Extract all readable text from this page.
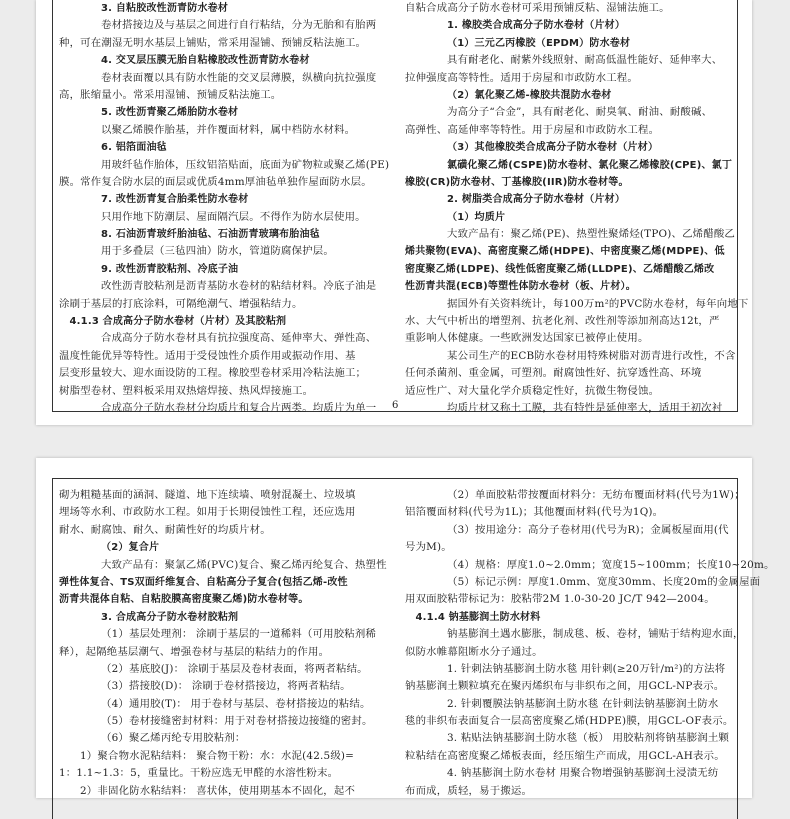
3. 自粘胶改性沥青防水卷材
卷材搭接边及与基层之间进行自行粘结，分为无胎和有胎两
种，可在潮湿无明水基层上铺贴，常采用湿铺、预铺反粘法施工。
4. 交叉层压膜无胎自粘橡胶改性沥青防水卷材
卷材表面覆以具有防水性能的交叉层薄膜，纵横向抗拉强度
高，胀缩量小。常采用湿铺、预铺反粘法施工。
5. 改性沥青聚乙烯胎防水卷材
以聚乙烯膜作胎基，并作覆面材料，属中档防水材料。
6. 铝箔面油毡
用玻纤毡作胎体，压纹铝箔贴面，底面为矿物粒或聚乙烯(PE)
膜。常作复合防水层的面层或优质4mm厚油毡单独作屋面防水层。
7. 改性沥青复合胎柔性防水卷材
只用作地下防潮层、屋面隔汽层。不得作为防水层使用。
8. 石油沥青玻纤胎油毡、石油沥青玻璃布胎油毡
用于多叠层（三毡四油）防水，管道防腐保护层。
9. 改性沥青胶粘剂、冷底子油
改性沥青胶粘剂是沥青基防水卷材的粘结材料。冷底子油是
涂刷于基层的打底涂料，可隔绝潮气、增强粘结力。
4.1.3 合成高分子防水卷材（片材）及其胶粘剂
合成高分子防水卷材具有抗拉强度高、延伸率大、弹性高、
温度性能优异等特性。适用于受侵蚀性介质作用或振动作用、基
层变形量较大、迎水面设防的工程。橡胶型卷材采用冷粘法施工；
树脂型卷材、塑料板采用双热熔焊接、热风焊接施工。
合成高分子防水卷材分均质片和复合片两类。均质片为单一
自粘合成高分子防水卷材可采用预铺反粘、湿铺法施工。
1. 橡胶类合成高分子防水卷材（片材）
（1）三元乙丙橡胶（EPDM）防水卷材
具有耐老化、耐紫外线照射、耐高低温性能好、延伸率大、
拉伸强度高等特性。适用于房屋和市政防水工程。
（2）氯化聚乙烯-橡胶共混防水卷材
为高分子“合金”，具有耐老化、耐臭氧、耐油、耐酸碱、
高弹性、高延伸率等特性。用于房屋和市政防水工程。
（3）其他橡胶类合成高分子防水卷材（片材）
氯磺化聚乙烯(CSPE)防水卷材、氯化聚乙烯橡胶(CPE)、氯丁
橡胶(CR)防水卷材、丁基橡胶(IIR)防水卷材等。
2. 树脂类合成高分子防水卷材（片材）
（1）均质片
大致产品有：聚乙烯(PE)、热塑性聚烯烃(TPO)、乙烯醋酸乙
烯共聚物(EVA)、高密度聚乙烯(HDPE)、中密度聚乙烯(MDPE)、低
密度聚乙烯(LDPE)、线性低密度聚乙烯(LLDPE)、乙烯醋酸乙烯改
性沥青共混(ECB)等塑性体防水卷材（板、片材）。
据国外有关资料统计，每100万m²的PVC防水卷材，每年向地下
水、大气中析出的增塑剂、抗老化剂、改性剂等添加剂高达12t，严
重影响人体健康。一些欧洲发达国家已被停止使用。
某公司生产的ECB防水卷材用特殊树脂对沥青进行改性，不含
任何杀菌剂、重金属，可塑剂。耐腐蚀性好、抗穿透性高、环境
适应性广、对大量化学介质稳定性好，抗微生物侵蚀。
均质片材又称土工膜，共有特性是延伸率大，适用于初次衬
6
砌为粗糙基面的涵洞、隧道、地下连续墙、喷射混凝土、垃圾填
埋场等水利、市政防水工程。如用于长期侵蚀性工程，还应选用
耐水、耐腐蚀、耐久、耐菌性好的均质片材。
（2）复合片
大致产品有：聚氯乙烯(PVC)复合、聚乙烯丙纶复合、热塑性
弹性体复合、TS双面纤维复合、自粘高分子复合(包括乙烯-改性
沥青共混体自粘、自粘胶膜高密度聚乙烯)防水卷材等。
3. 合成高分子防水卷材胶粘剂
（1）基层处理剂： 涂刷于基层的一道稀料（可用胶粘剂稀
释），起隔绝基层潮气、增强卷材与基层的粘结力的作用。
（2）基底胶(J)： 涂刷于基层及卷材表面，将两者粘结。
（3）搭接胶(D)： 涂刷于卷材搭接边，将两者粘结。
（4）通用胶(T)： 用于卷材与基层、卷材搭接边的粘结。
（5）卷材接缝密封材料：用于对卷材搭接边接缝的密封。
（6）聚乙烯丙纶专用胶粘剂：
1）聚合物水泥粘结料： 聚合物干粉：水：水泥(42.5级)=
1：1.1~1.3：5，重量比。干粉应选无甲醛的水溶性粉末。
2）非固化防水粘结料： 喜状体，使用期基本不固化，起不
（2）单面胶粘带按覆面材料分：无纺布覆面材料(代号为1W)；
铝箔覆面材料(代号为1L)；其他覆面材料(代号为1Q)。
（3）按用途分：高分子卷材用(代号为R)；金属板屋面用(代
号为M)。
（4）规格：厚度1.0~2.0mm；宽度15~100mm；长度10~20m。
（5）标记示例：厚度1.0mm、宽度30mm、长度20m的金属屋面
用双面胶粘带标记为：胶粘带2M 1.0-30-20 JC/T 942—2004。
4.1.4 钠基膨润土防水材料
钠基膨润土遇水膨胀，制成毯、板、卷材，铺贴于结构迎水面，
似防水帷幕阻断水分子通过。
1. 针刺法钠基膨润土防水毯 用针刺(≥20万针/m²)的方法将
钠基膨润土颗粒填充在聚丙烯织布与非织布之间，用GCL-NP表示。
2. 针刺覆膜法钠基膨润土防水毯 在针刺法钠基膨润土防水
毯的非织布表面复合一层高密度聚乙烯(HDPE)膜，用GCL-OF表示。
3. 粘贴法钠基膨润土防水毯（板） 用胶粘剂将钠基膨润土颗
粒粘结在高密度聚乙烯板表面，经压缩生产而成，用GCL-AH表示。
4. 钠基膨润土防水卷材 用聚合物增强钠基膨润土浸渍无纺
布而成，质轻，易于搬运。
